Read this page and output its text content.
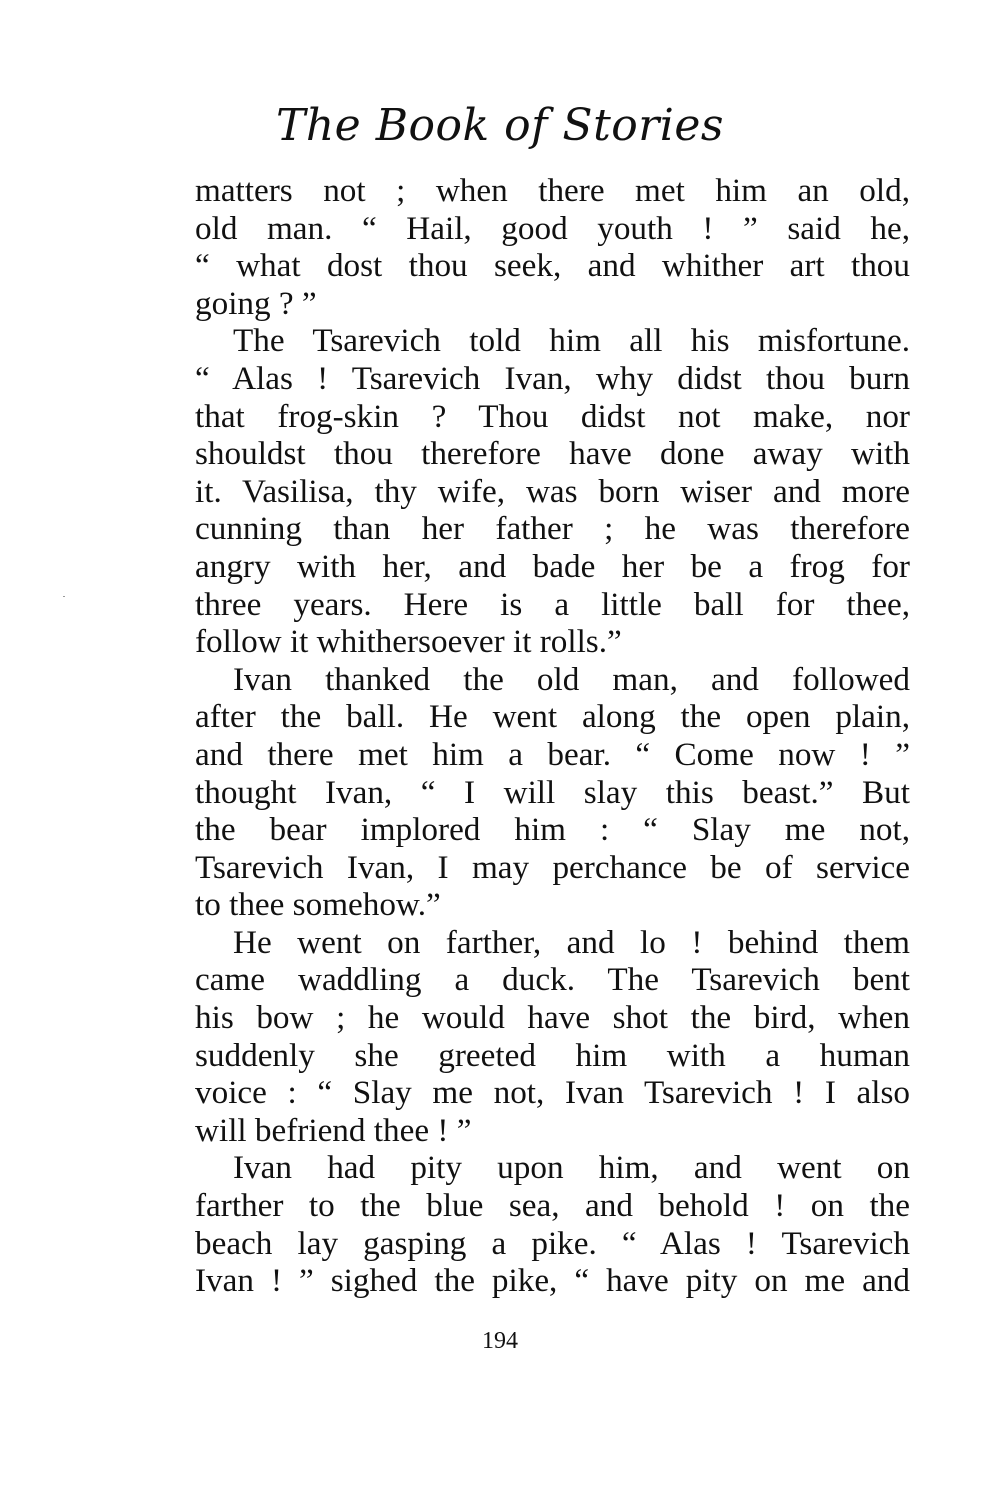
The Book of Stories
matters not ; when there met him an old,
old man. “ Hail, good youth ! ” said he,
“ what dost thou seek, and whither art thou
going ? ”
The Tsarevich told him all his misfortune.
“ Alas ! Tsarevich Ivan, why didst thou burn
that frog-skin ? Thou didst not make, nor
shouldst thou therefore have done away with
it. Vasilisa, thy wife, was born wiser and more
cunning than her father ; he was therefore
angry with her, and bade her be a frog for
three years. Here is a little ball for thee,
follow it whithersoever it rolls.”
Ivan thanked the old man, and followed
after the ball. He went along the open plain,
and there met him a bear. “ Come now ! ”
thought Ivan, “ I will slay this beast.” But
the bear implored him : “ Slay me not,
Tsarevich Ivan, I may perchance be of service
to thee somehow.”
He went on farther, and lo ! behind them
came waddling a duck. The Tsarevich bent
his bow ; he would have shot the bird, when
suddenly she greeted him with a human
voice : “ Slay me not, Ivan Tsarevich ! I also
will befriend thee ! ”
Ivan had pity upon him, and went on
farther to the blue sea, and behold ! on the
beach lay gasping a pike. “ Alas ! Tsarevich
Ivan ! ” sighed the pike, “ have pity on me and
194
